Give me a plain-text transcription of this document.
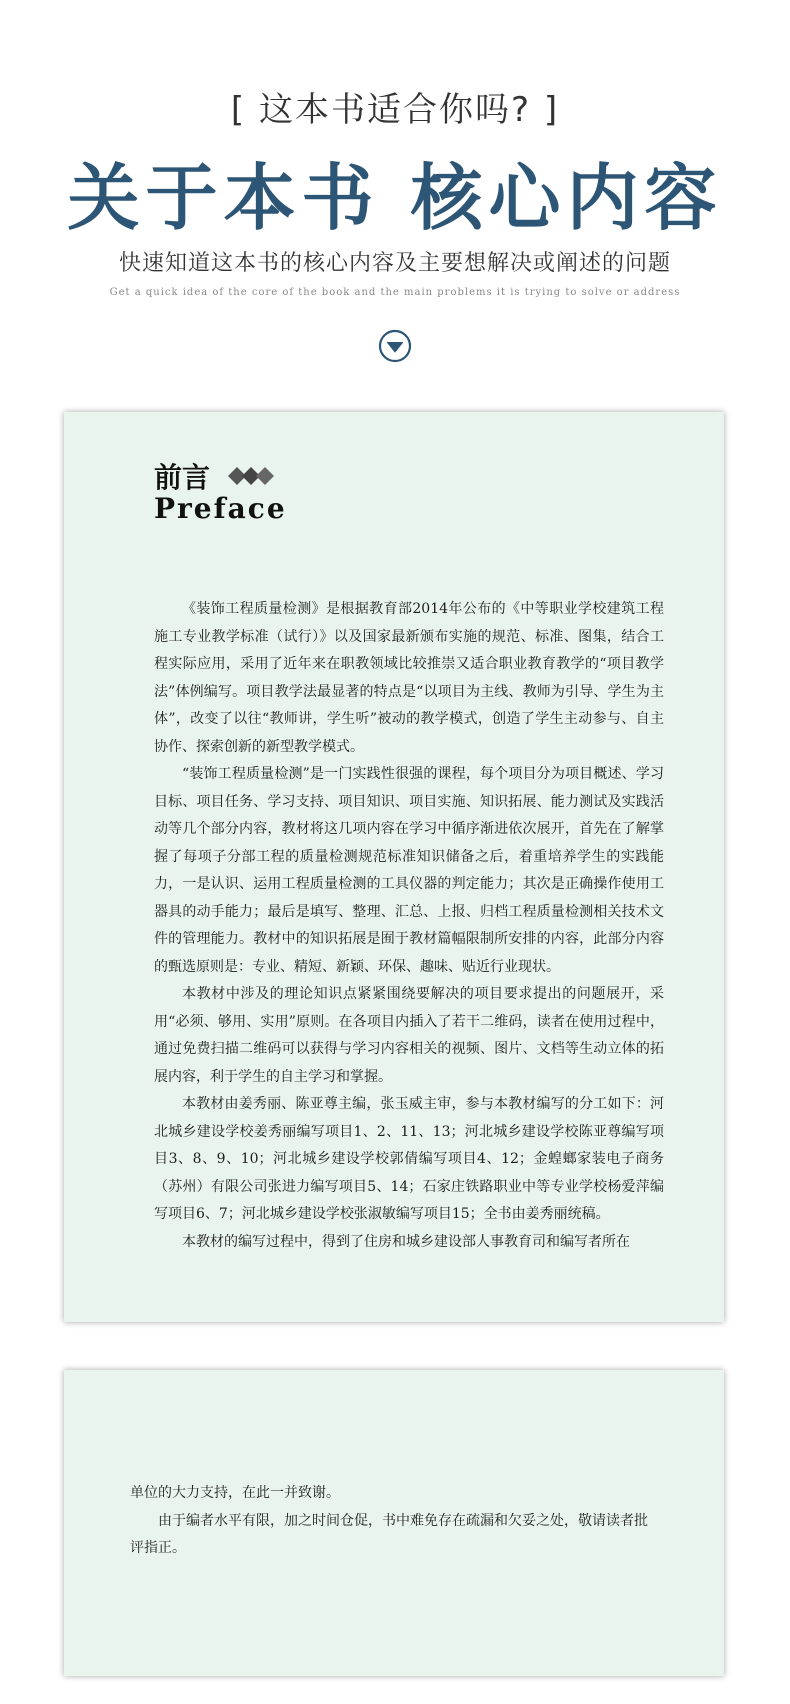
[ 这本书适合你吗? ]
关于本书 核心内容
快速知道这本书的核心内容及主要想解决或阐述的问题
Get a quick idea of the core of the book and the main problems it is trying to solve or address
前言
Preface

《装饰工程质量检测》是根据教育部2014年公布的《中等职业学校建筑工程施工专业教学标准（试行）》以及国家最新颁布实施的规范、标准、图集，结合工程实际应用，采用了近年来在职教领域比较推崇又适合职业教育教学的“项目教学法”体例编写。项目教学法最显著的特点是“以项目为主线、教师为引导、学生为主体”，改变了以往“教师讲，学生听”被动的教学模式，创造了学生主动参与、自主协作、探索创新的新型教学模式。

“装饰工程质量检测”是一门实践性很强的课程，每个项目分为项目概述、学习目标、项目任务、学习支持、项目知识、项目实施、知识拓展、能力测试及实践活动等几个部分内容，教材将这几项内容在学习中循序渐进依次展开，首先在了解掌握了每项子分部工程的质量检测规范标准知识储备之后，着重培养学生的实践能力，一是认识、运用工程质量检测的工具仪器的判定能力；其次是正确操作使用工器具的动手能力；最后是填写、整理、汇总、上报、归档工程质量检测相关技术文件的管理能力。教材中的知识拓展是囿于教材篇幅限制所安排的内容，此部分内容的甄选原则是：专业、精短、新颖、环保、趣味、贴近行业现状。

本教材中涉及的理论知识点紧紧围绕要解决的项目要求提出的问题展开，采用“必须、够用、实用”原则。在各项目内插入了若干二维码，读者在使用过程中，通过免费扫描二维码可以获得与学习内容相关的视频、图片、文档等生动立体的拓展内容，利于学生的自主学习和掌握。

本教材由姜秀丽、陈亚尊主编，张玉威主审，参与本教材编写的分工如下：河北城乡建设学校姜秀丽编写项目1、2、11、13；河北城乡建设学校陈亚尊编写项目3、8、9、10；河北城乡建设学校郭倩编写项目4、12；金蝗螂家装电子商务（苏州）有限公司张进力编写项目5、14；石家庄铁路职业中等专业学校杨爱萍编写项目6、7；河北城乡建设学校张淑敏编写项目15；全书由姜秀丽统稿。

本教材的编写过程中，得到了住房和城乡建设部人事教育司和编写者所在

单位的大力支持，在此一并致谢。

由于编者水平有限，加之时间仓促，书中难免存在疏漏和欠妥之处，敬请读者批评指正。
